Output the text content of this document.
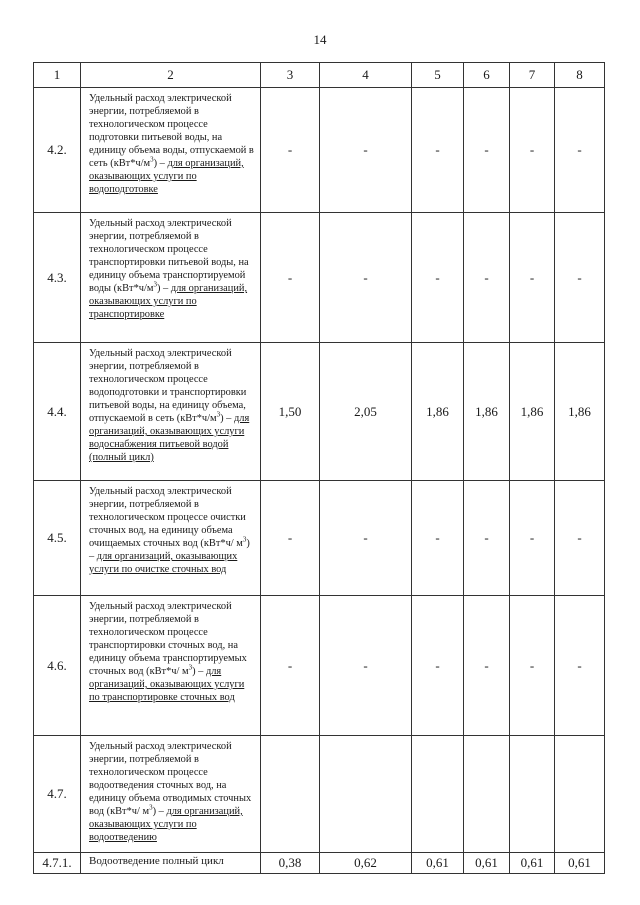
14
1	2	3	4	5	6	7	8
4.2.	Удельный расход электрической энергии, потребляемой в технологическом процессе подготовки питьевой воды, на единицу объема воды, отпускаемой в сеть $(кВт*ч/м^3)$ – для организаций, оказывающих услуги по водоподготовке	-	-	-	-	-	-
4.3.	Удельный расход электрической энергии, потребляемой в технологическом процессе транспортировки питьевой воды, на единицу объема транспортируемой воды $(кВт*ч/м^3)$ – для организаций, оказывающих услуги по транспортировке	-	-	-	-	-	-
4.4.	Удельный расход электрической энергии, потребляемой в технологическом процессе водоподготовки и транспортировки питьевой воды, на единицу объема, отпускаемой в сеть $(кВт*ч/м^3)$ – для организаций, оказывающих услуги водоснабжения питьевой водой (полный цикл)	1,50	2,05	1,86	1,86	1,86	1,86
4.5.	Удельный расход электрической энергии, потребляемой в технологическом процессе очистки сточных вод, на единицу объема очищаемых сточных вод (кВт*ч/ $м^3$) – для организаций, оказывающих услуги по очистке сточных вод	-	-	-	-	-	-
4.6.	Удельный расход электрической энергии, потребляемой в технологическом процессе транспортировки сточных вод, на единицу объема транспортируемых сточных вод (кВт*ч/ $м^3$) – для организаций, оказывающих услуги по транспортировке сточных вод	-	-	-	-	-	-
4.7.	Удельный расход электрической энергии, потребляемой в технологическом процессе водоотведения сточных вод, на единицу объема отводимых сточных вод (кВт*ч/ $м^3$) – для организаций, оказывающих услуги по водоотведению						
4.7.1.	Водоотведение полный цикл	0,38	0,62	0,61	0,61	0,61	0,61
